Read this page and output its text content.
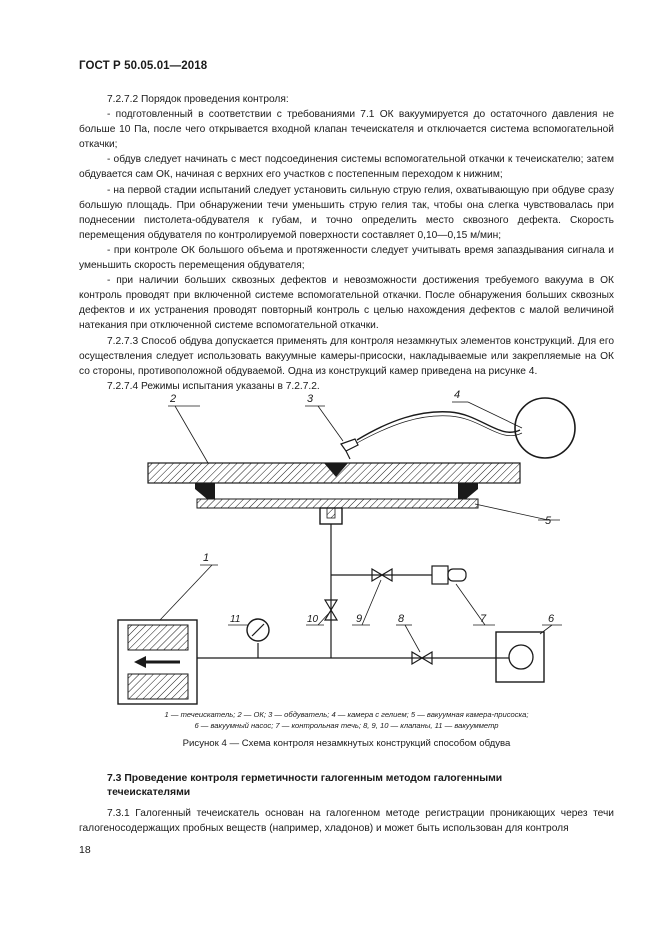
ГОСТ Р 50.05.01—2018

7.2.7.2 Порядок проведения контроля:

- подготовленный в соответствии с требованиями 7.1 ОК вакуумируется до остаточного давления не больше 10 Па, после чего открывается входной клапан течеискателя и отключается система вспомогательной откачки;

- обдув следует начинать с мест подсоединения системы вспомогательной откачки к течеискателю; затем обдувается сам ОК, начиная с верхних его участков с постепенным переходом к нижним;

- на первой стадии испытаний следует установить сильную струю гелия, охватывающую при обдуве сразу большую площадь. При обнаружении течи уменьшить струю гелия так, чтобы она слегка чувствовалась при поднесении пистолета-обдувателя к губам, и точно определить место сквозного дефекта. Скорость перемещения обдувателя по контролируемой поверхности составляет 0,10—0,15 м/мин;

- при контроле ОК большого объема и протяженности следует учитывать время запаздывания сигнала и уменьшить скорость перемещения обдувателя;

- при наличии больших сквозных дефектов и невозможности достижения требуемого вакуума в ОК контроль проводят при включенной системе вспомогательной откачки. После обнаружения больших сквозных дефектов и их устранения проводят повторный контроль с целью нахождения дефектов с малой величиной натекания при отключенной системе вспомогательной откачки.

7.2.7.3 Способ обдува допускается применять для контроля незамкнутых элементов конструкций. Для его осуществления следует использовать вакуумные камеры-присоски, накладываемые или закрепляемые на ОК со стороны, противоположной обдуваемой. Одна из конструкций камер приведена на рисунке 4.

7.2.7.4 Режимы испытания указаны в 7.2.7.2.

2	3	4
5
1
11	10	9	8	7	6
1 — течеискатель; 2 — ОК; 3 — обдуватель; 4 — камера с гелием; 5 — вакуумная камера-присоска;
6 — вакуумный насос; 7 — контрольная течь; 8, 9, 10 — клапаны, 11 — вакуумметр
Рисунок 4 — Схема контроля незамкнутых конструкций способом обдува
7.3 Проведение контроля герметичности галогенным методом галогенными течеискателями

7.3.1 Галогенный течеискатель основан на галогенном методе регистрации проникающих через течи галогеносодержащих пробных веществ (например, хладонов) и может быть использован для контроля

18
